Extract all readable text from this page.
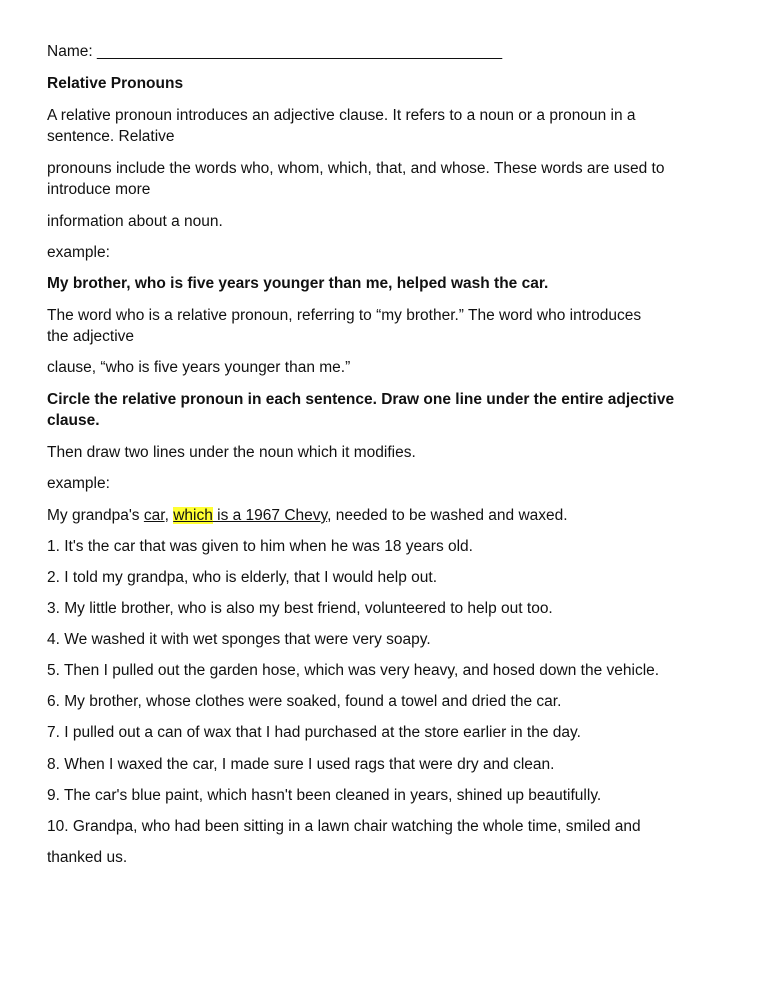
Name: _______________________________________________
Relative Pronouns
A relative pronoun introduces an adjective clause. It refers to a noun or a pronoun in a
sentence. Relative
pronouns include the words who, whom, which, that, and whose. These words are used to
introduce more
information about a noun.
example:
My brother, who is five years younger than me, helped wash the car.
The word who is a relative pronoun, referring to “my brother.” The word who introduces
the adjective
clause, “who is five years younger than me.”
Circle the relative pronoun in each sentence. Draw one line under the entire adjective
clause.
Then draw two lines under the noun which it modifies.
example:
My grandpa's car, which is a 1967 Chevy, needed to be washed and waxed.
1. It's the car that was given to him when he was 18 years old.
2. I told my grandpa, who is elderly, that I would help out.
3. My little brother, who is also my best friend, volunteered to help out too.
4. We washed it with wet sponges that were very soapy.
5. Then I pulled out the garden hose, which was very heavy, and hosed down the vehicle.
6. My brother, whose clothes were soaked, found a towel and dried the car.
7. I pulled out a can of wax that I had purchased at the store earlier in the day.
8. When I waxed the car, I made sure I used rags that were dry and clean.
9. The car's blue paint, which hasn't been cleaned in years, shined up beautifully.
10. Grandpa, who had been sitting in a lawn chair watching the whole time, smiled and
thanked us.
